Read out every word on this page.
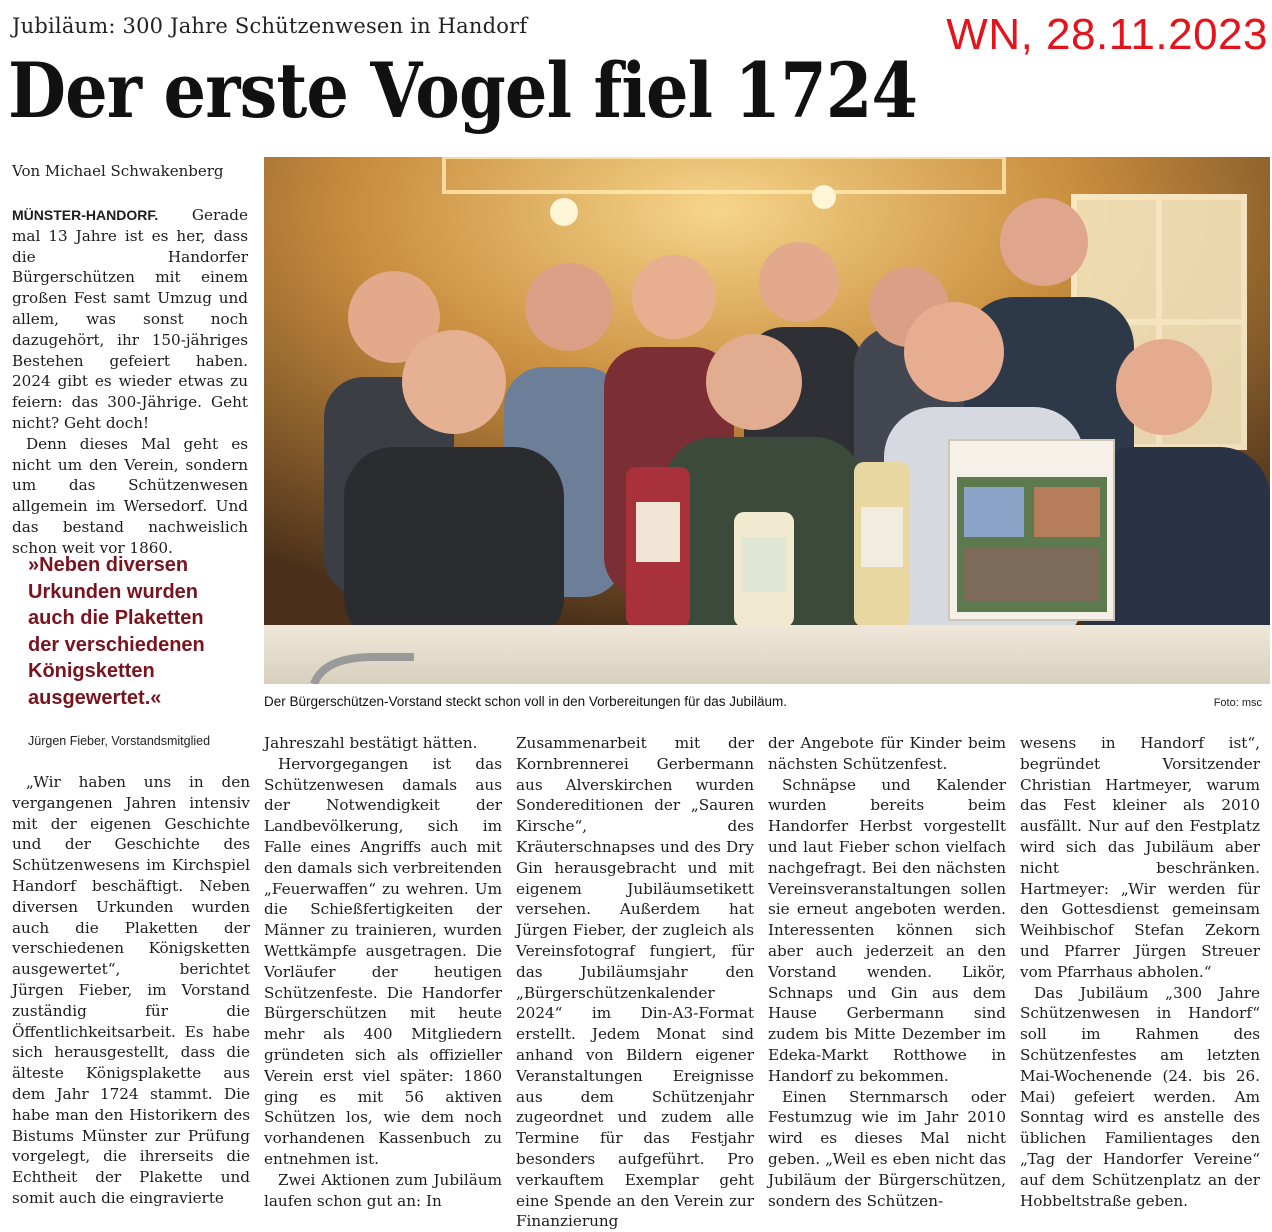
Jubiläum: 300 Jahre Schützenwesen in Handorf	WN, 28.11.2023
Der erste Vogel fiel 1724
Von Michael Schwakenberg

MÜNSTER-HANDORF. Gerade mal 13 Jahre ist es her, dass die Handorfer Bürgerschützen mit einem großen Fest samt Umzug und allem, was sonst noch dazugehört, ihr 150-jähriges Bestehen gefeiert haben. 2024 gibt es wieder etwas zu feiern: das 300-Jährige. Geht nicht? Geht doch!

Denn dieses Mal geht es nicht um den Verein, sondern um das Schützenwesen allgemein im Wersedorf. Und das bestand nachweislich schon weit vor 1860.

»Neben diversen Urkunden wurden auch die Plaketten der verschiedenen Königsketten ausgewertet.«
Jürgen Fieber, Vorstandsmitglied
Der Bürgerschützen-Vorstand steckt schon voll in den Vorbereitungen für das Jubiläum.	Foto: msc

„Wir haben uns in den vergangenen Jahren intensiv mit der eigenen Geschichte und der Geschichte des Schützenwesens im Kirchspiel Handorf beschäftigt. Neben diversen Urkunden wurden auch die Plaketten der verschiedenen Königsketten ausgewertet“, berichtet Jürgen Fieber, im Vorstand zuständig für die Öffentlichkeitsarbeit. Es habe sich herausgestellt, dass die älteste Königsplakette aus dem Jahr 1724 stammt. Die habe man den Historikern des Bistums Münster zur Prüfung vorgelegt, die ihrerseits die Echtheit der Plakette und somit auch die eingravierte

Jahreszahl bestätigt hätten.

Hervorgegangen ist das Schützenwesen damals aus der Notwendigkeit der Landbevölkerung, sich im Falle eines Angriffs auch mit den damals sich verbreitenden „Feuerwaffen“ zu wehren. Um die Schießfertigkeiten der Männer zu trainieren, wurden Wettkämpfe ausgetragen. Die Vorläufer der heutigen Schützenfeste. Die Handorfer Bürgerschützen mit heute mehr als 400 Mitgliedern gründeten sich als offizieller Verein erst viel später: 1860 ging es mit 56 aktiven Schützen los, wie dem noch vorhandenen Kassenbuch zu entnehmen ist.

Zwei Aktionen zum Jubiläum laufen schon gut an: In

Zusammenarbeit mit der Kornbrennerei Gerbermann aus Alverskirchen wurden Sondereditionen der „Sauren Kirsche“, des Kräuterschnapses und des Dry Gin herausgebracht und mit eigenem Jubiläumsetikett versehen. Außerdem hat Jürgen Fieber, der zugleich als Vereinsfotograf fungiert, für das Jubiläumsjahr den „Bürgerschützenkalender 2024“ im Din-A3-Format erstellt. Jedem Monat sind anhand von Bildern eigener Veranstaltungen Ereignisse aus dem Schützenjahr zugeordnet und zudem alle Termine für das Festjahr besonders aufgeführt. Pro verkauftem Exemplar geht eine Spende an den Verein zur Finanzierung

der Angebote für Kinder beim nächsten Schützenfest.

Schnäpse und Kalender wurden bereits beim Handorfer Herbst vorgestellt und laut Fieber schon vielfach nachgefragt. Bei den nächsten Vereinsveranstaltungen sollen sie erneut angeboten werden. Interessenten können sich aber auch jederzeit an den Vorstand wenden. Likör, Schnaps und Gin aus dem Hause Gerbermann sind zudem bis Mitte Dezember im Edeka-Markt Rotthowe in Handorf zu bekommen.

Einen Sternmarsch oder Festumzug wie im Jahr 2010 wird es dieses Mal nicht geben. „Weil es eben nicht das Jubiläum der Bürgerschützen, sondern des Schützen-

wesens in Handorf ist“, begründet Vorsitzender Christian Hartmeyer, warum das Fest kleiner als 2010 ausfällt. Nur auf den Festplatz wird sich das Jubiläum aber nicht beschränken. Hartmeyer: „Wir werden für den Gottesdienst gemeinsam Weihbischof Stefan Zekorn und Pfarrer Jürgen Streuer vom Pfarrhaus abholen.“

Das Jubiläum „300 Jahre Schützenwesen in Handorf“ soll im Rahmen des Schützenfestes am letzten Mai-Wochenende (24. bis 26. Mai) gefeiert werden. Am Sonntag wird es anstelle des üblichen Familientages den „Tag der Handorfer Vereine“ auf dem Schützenplatz an der Hobbeltstraße geben.
